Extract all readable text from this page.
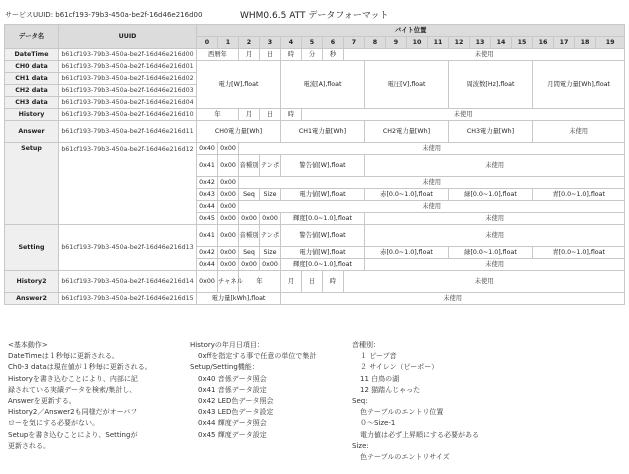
サービスUUID: b61cf193-79b3-450a-be2f-16d46e216d00	WHM0.6.5 ATT データフォーマット
データ名	UUID	バイト位置																			
		0	1	2	3	4	5	6	7	8	9	10	11	12	13	14	15	16	17	18	19
DateTime	b61cf193-79b3-450a-be2f-16d46e216d00	西暦年		月	日	時	分	秒	未使用												
CH0 data	b61cf193-79b3-450a-be2f-16d46e216d01	電力[W],float				電流[A],float				電圧[V],float				周波数[Hz],float				月間電力量[Wh],float			
CH1 data	b61cf193-79b3-450a-be2f-16d46e216d02																				
CH2 data	b61cf193-79b3-450a-be2f-16d46e216d03																				
CH3 data	b61cf193-79b3-450a-be2f-16d46e216d04																				
History	b61cf193-79b3-450a-be2f-16d46e216d10	年		月	日	時	未使用														
Answer	b61cf193-79b3-450a-be2f-16d46e216d11	CH0電力量[Wh]				CH1電力量[Wh]				CH2電力量[Wh]				CH3電力量[Wh]				未使用			
Setup	b61cf193-79b3-450a-be2f-16d46e216d12	0x40	0x00	未使用																	
		0x41	0x00	音種別	テンポ	警告値[W],float				未使用											
		0x42	0x00	未使用																	
		0x43	0x00	Seq	Size	電力値[W],float				赤[0.0~1.0],float				緑[0.0~1.0],float				青[0.0~1.0],float			
		0x44	0x00	未使用																	
		0x45	0x00	0x00	0x00	輝度[0.0~1.0],float				未使用											
Setting	b61cf193-79b3-450a-be2f-16d46e216d13	0x41	0x00	音種別	テンポ	警告値[W],float				未使用											
		0x42	0x00	Seq	Size	電力値[W],float				赤[0.0~1.0],float				緑[0.0~1.0],float				青[0.0~1.0],float			
		0x44	0x00	0x00	0x00	輝度[0.0~1.0],float				未使用											
History2	b61cf193-79b3-450a-be2f-16d46e216d14	0x00	チャネル	年		月	日	時	未使用												
Answer2	b61cf193-79b3-450a-be2f-16d46e216d15	電力量[kWh],float				未使用															
<基本動作>
DateTimeは１秒毎に更新される。
Ch0-3 dataは現在値が１秒毎に更新される。
Historyを書き込むことにより、内部に記
録されている実績データを検索/集計し、
Answerを更新する。
History2／Answer2も同様だがオーバフ
ローを気にする必要がない。
Setupを書き込むことにより、Settingが
更新される。
Historyの年月日項目：
0xffを指定する事で任意の単位で集計
Setup/Setting機能：
0x40 音係データ照会
0x41 音係データ設定
0x42 LED色データ照会
0x43 LED色データ設定
0x44 輝度データ照会
0x45 輝度データ設定
音種別：
１ ピーブ音
２ サイレン（ピーポー）
11 白鳥の湖
12 猫踏んじゃった
Seq:
色テーブルのエントリ位置
０〜Size-1
電力値は必ず上昇順にする必要がある
Size:
色テーブルのエントリサイズ
